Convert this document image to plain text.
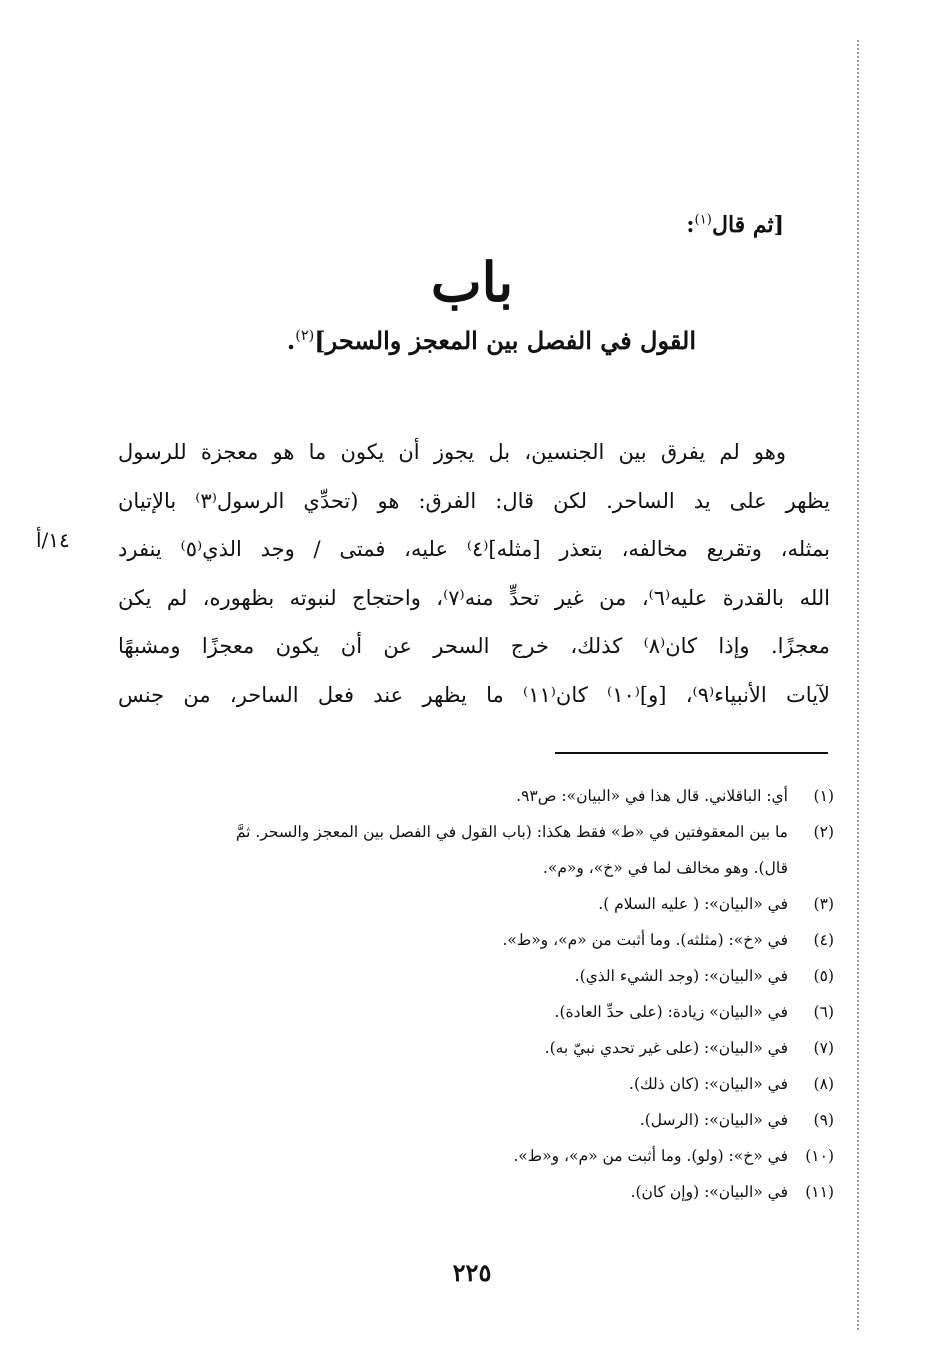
[ثم قال$^{(١)}$:
باب
القول في الفصل بين المعجز والسحر]$^{(٢)}$.
١٤/أ
وهو لم يفرق بين الجنسين، بل يجوز أن يكون ما هو معجزة للرسول
يظهر على يد الساحر. لكن قال: الفرق: هو (تحدِّي الرسول⁽٣⁾ بالإتيان
بمثله، وتقريع مخالفه، بتعذر [مثله]⁽٤⁾ عليه، فمتى / وجد الذي⁽٥⁾ ينفرد
الله بالقدرة عليه⁽٦⁾، من غير تحدٍّ منه⁽٧⁾، واحتجاج لنبوته بظهوره، لم يكن
معجزًا. وإذا كان⁽٨⁾ كذلك، خرج السحر عن أن يكون معجزًا ومشبهًا
لآيات الأنبياء⁽٩⁾، [و]⁽١٠⁾ كان⁽١١⁾ ما يظهر عند فعل الساحر، من جنس
(١)
أي: الباقلاني. قال هذا في «البيان»: ص٩٣.
(٢)
ما بين المعقوفتين في «ط» فقط هكذا: (باب القول في الفصل بين المعجز والسحر. ثمَّ
قال). وهو مخالف لما في «خ»، و«م».
(٣)
في «البيان»: ( عليه السلام ).
(٤)
في «خ»: (مثلثه). وما أثبت من «م»، و«ط».
(٥)
في «البيان»: (وجد الشيء الذي).
(٦)
في «البيان» زيادة: (على حدِّ العادة).
(٧)
في «البيان»: (على غير تحدي نبيّ به).
(٨)
في «البيان»: (كان ذلك).
(٩)
في «البيان»: (الرسل).
(١٠)
في «خ»: (ولو). وما أثبت من «م»، و«ط».
(١١)
في «البيان»: (وإن كان).
٢٢٥
